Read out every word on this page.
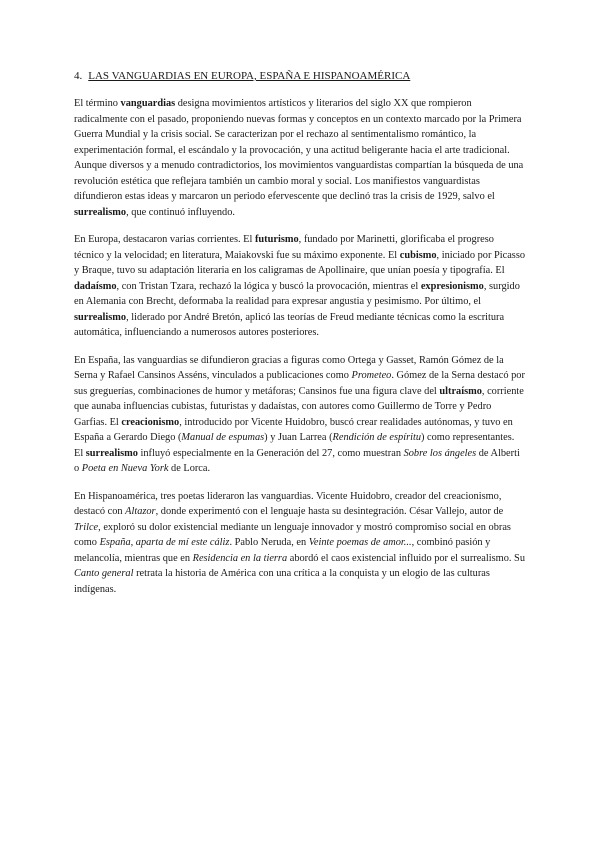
4. LAS VANGUARDIAS EN EUROPA, ESPAÑA E HISPANOAMÉRICA

El término vanguardias designa movimientos artísticos y literarios del siglo XX que rompieron radicalmente con el pasado, proponiendo nuevas formas y conceptos en un contexto marcado por la Primera Guerra Mundial y la crisis social. Se caracterizan por el rechazo al sentimentalismo romántico, la experimentación formal, el escándalo y la provocación, y una actitud beligerante hacia el arte tradicional. Aunque diversos y a menudo contradictorios, los movimientos vanguardistas compartían la búsqueda de una revolución estética que reflejara también un cambio moral y social. Los manifiestos vanguardistas difundieron estas ideas y marcaron un periodo efervescente que declinó tras la crisis de 1929, salvo el surrealismo, que continuó influyendo.

En Europa, destacaron varias corrientes. El futurismo, fundado por Marinetti, glorificaba el progreso técnico y la velocidad; en literatura, Maiakovski fue su máximo exponente. El cubismo, iniciado por Picasso y Braque, tuvo su adaptación literaria en los caligramas de Apollinaire, que unían poesía y tipografía. El dadaísmo, con Tristan Tzara, rechazó la lógica y buscó la provocación, mientras el expresionismo, surgido en Alemania con Brecht, deformaba la realidad para expresar angustia y pesimismo. Por último, el surrealismo, liderado por André Bretón, aplicó las teorías de Freud mediante técnicas como la escritura automática, influenciando a numerosos autores posteriores.

En España, las vanguardias se difundieron gracias a figuras como Ortega y Gasset, Ramón Gómez de la Serna y Rafael Cansinos Asséns, vinculados a publicaciones como Prometeo. Gómez de la Serna destacó por sus greguerías, combinaciones de humor y metáforas; Cansinos fue una figura clave del ultraísmo, corriente que aunaba influencias cubistas, futuristas y dadaístas, con autores como Guillermo de Torre y Pedro Garfias. El creacionismo, introducido por Vicente Huidobro, buscó crear realidades autónomas, y tuvo en España a Gerardo Diego (Manual de espumas) y Juan Larrea (Rendición de espíritu) como representantes. El surrealismo influyó especialmente en la Generación del 27, como muestran Sobre los ángeles de Alberti o Poeta en Nueva York de Lorca.

En Hispanoamérica, tres poetas lideraron las vanguardias. Vicente Huidobro, creador del creacionismo, destacó con Altazor, donde experimentó con el lenguaje hasta su desintegración. César Vallejo, autor de Trilce, exploró su dolor existencial mediante un lenguaje innovador y mostró compromiso social en obras como España, aparta de mí este cáliz. Pablo Neruda, en Veinte poemas de amor..., combinó pasión y melancolía, mientras que en Residencia en la tierra abordó el caos existencial influido por el surrealismo. Su Canto general retrata la historia de América con una crítica a la conquista y un elogio de las culturas indígenas.
